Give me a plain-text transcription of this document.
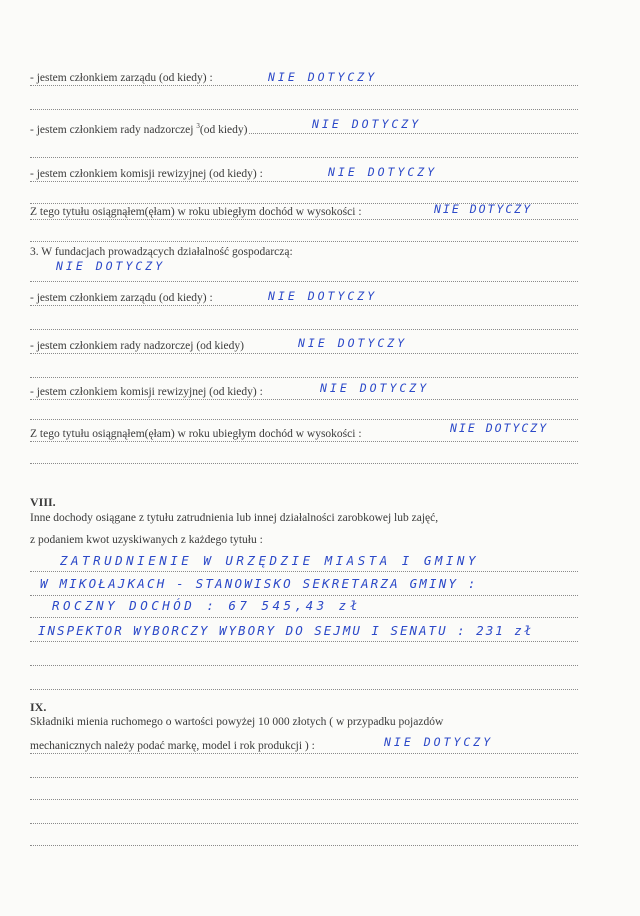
- jestem członkiem zarządu (od kiedy) :	NIE DOTYCZY
- jestem członkiem rady nadzorczej $^3$(od kiedy)	NIE DOTYCZY
- jestem członkiem komisji rewizyjnej (od kiedy) :	NIE DOTYCZY
Z tego tytułu osiągnąłem(ęłam) w roku ubiegłym dochód w wysokości :	NIE DOTYCZY
3. W fundacjach prowadzących działalność gospodarczą:
NIE DOTYCZY
- jestem członkiem zarządu (od kiedy) :	NIE DOTYCZY
- jestem członkiem rady nadzorczej (od kiedy)	NIE DOTYCZY
- jestem członkiem komisji rewizyjnej (od kiedy) :	NIE DOTYCZY
Z tego tytułu osiągnąłem(ęłam) w roku ubiegłym dochód w wysokości :	NIE DOTYCZY
VIII.
Inne dochody osiągane z tytułu zatrudnienia lub innej działalności zarobkowej lub zajęć,
z podaniem kwot uzyskiwanych z każdego tytułu :
ZATRUDNIENIE W URZĘDZIE MIASTA I GMINY
W MIKOŁAJKACH - STANOWISKO SEKRETARZA GMINY :
ROCZNY DOCHÓD : 67 545,43 zł
INSPEKTOR WYBORCZY WYBORY DO SEJMU I SENATU : 231 zł
IX.
Składniki mienia ruchomego o wartości powyżej 10 000 złotych ( w przypadku pojazdów
mechanicznych należy podać markę, model i rok produkcji ) :	NIE DOTYCZY
